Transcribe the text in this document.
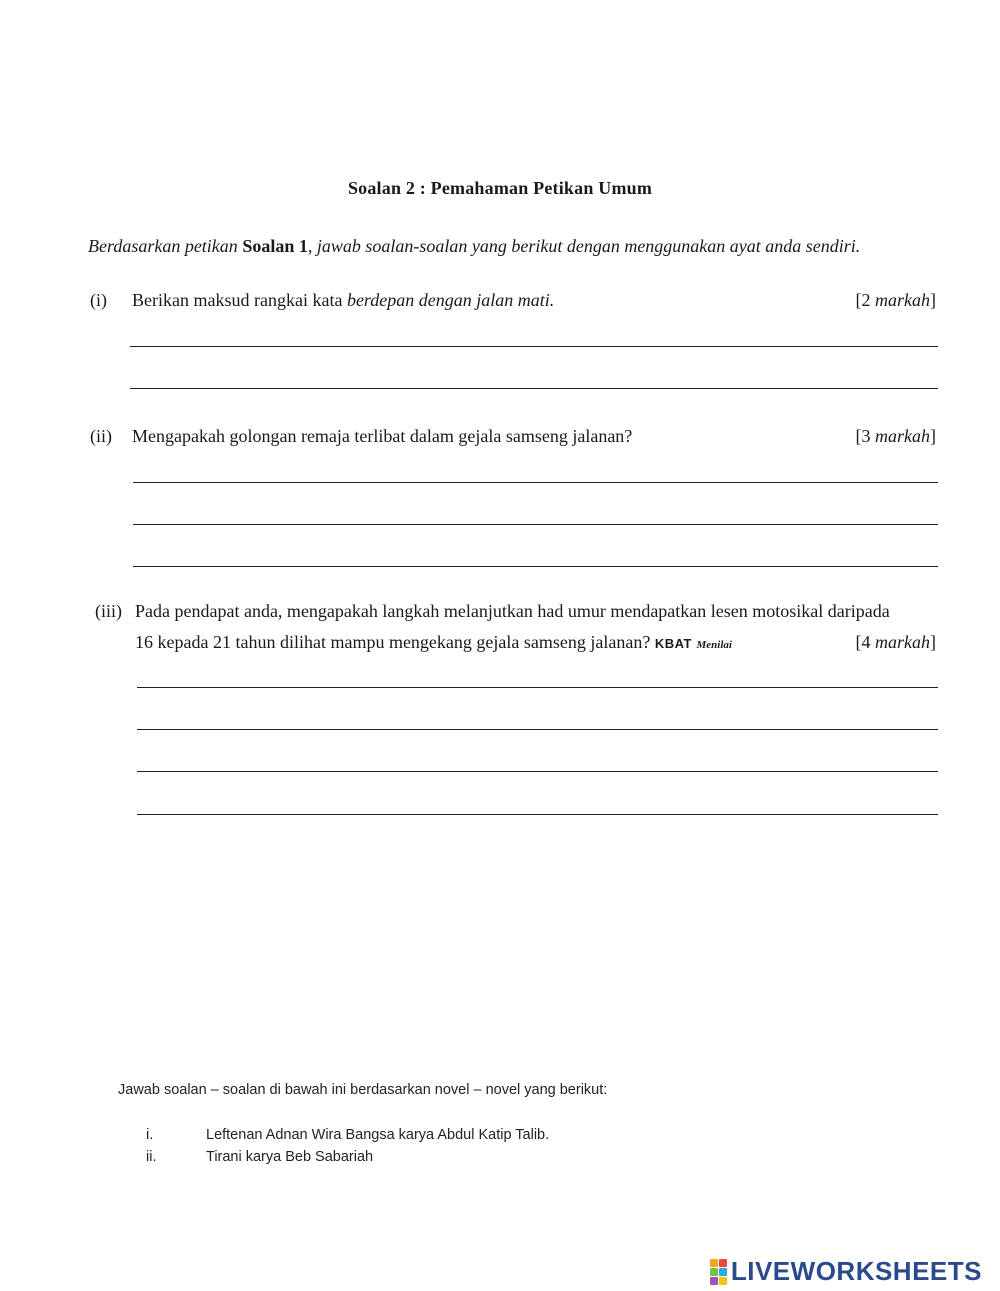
Soalan 2 : Pemahaman Petikan Umum
Berdasarkan petikan Soalan 1, jawab soalan-soalan yang berikut dengan menggunakan ayat anda sendiri.
(i) Berikan maksud rangkai kata berdepan dengan jalan mati.	[2 markah]
(ii) Mengapakah golongan remaja terlibat dalam gejala samseng jalanan?	[3 markah]
(iii) Pada pendapat anda, mengapakah langkah melanjutkan had umur mendapatkan lesen motosikal daripada
16 kepada 21 tahun dilihat mampu mengekang gejala samseng jalanan? KBAT Menilai	[4 markah]
Jawab soalan – soalan di bawah ini berdasarkan novel – novel yang berikut:
i.	Leftenan Adnan Wira Bangsa karya Abdul Katip Talib.
ii.	Tirani karya Beb Sabariah
LIVEWORKSHEETS
